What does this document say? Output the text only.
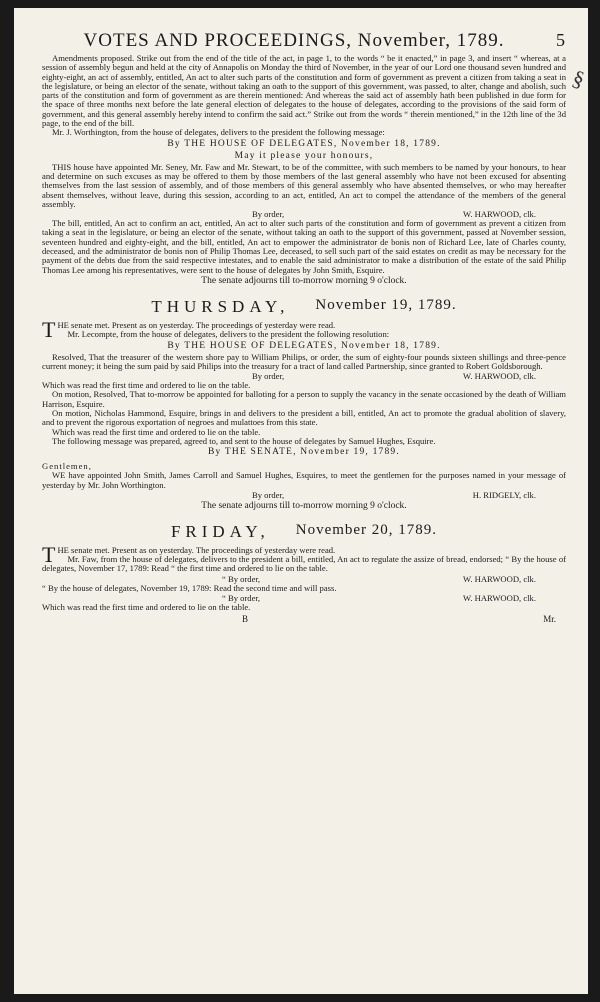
§
VOTES AND PROCEEDINGS, November, 1789.	5

Amendments proposed. Strike out from the end of the title of the act, in page 1, to the words “ be it enacted,” in page 3, and insert “ whereas, at a session of assembly begun and held at the city of Annapolis on Monday the third of November, in the year of our Lord one thousand seven hundred and eighty-eight, an act of assembly, entitled, An act to alter such parts of the constitution and form of government as prevent a citizen from taking a seat in the legislature, or being an elector of the senate, without taking an oath to the support of this government, was passed, to alter, change and abolish, such parts of the constitution and form of government as are therein mentioned: And whereas the said act of assembly hath been published in due form for the space of three months next before the late general election of delegates to the house of delegates, according to the provisions of the said form of government, and this general assembly hereby intend to confirm the said act.” Strike out from the words “ therein mentioned,” in the 12th line of the 3d page, to the end of the bill.

Mr. J. Worthington, from the house of delegates, delivers to the president the following message:

By THE HOUSE OF DELEGATES, November 18, 1789.

May it please your honours,

THIS house have appointed Mr. Seney, Mr. Faw and Mr. Stewart, to be of the committee, with such members to be named by your honours, to hear and determine on such excuses as may be offered to them by those members of the last general assembly who have not been excused for absenting themselves from the last session of assembly, and of those members of this general assembly who have absented themselves, or who may hereafter absent themselves, without leave, during this session, according to an act, entitled, An act to compel the attendance of the members of the general assembly.

By order,	W. HARWOOD, clk.

The bill, entitled, An act to confirm an act, entitled, An act to alter such parts of the constitution and form of government as prevent a citizen from taking a seat in the legislature, or being an elector of the senate, without taking an oath to the support of this government, passed at November session, seventeen hundred and eighty-eight, and the bill, entitled, An act to empower the administrator de bonis non of Richard Lee, late of Charles county, deceased, and the administrator de bonis non of Philip Thomas Lee, deceased, to sell such part of the said estates on credit as may be necessary for the payment of the debts due from the said respective intestates, and to enable the said administrator to make a distribution of the estate of the said Philip Thomas Lee among his representatives, were sent to the house of delegates by John Smith, Esquire.

The senate adjourns till to-morrow morning 9 o'clock.

THURSDAY, November 19, 1789.

THE senate met. Present as on yesterday. The proceedings of yesterday were read.

Mr. Lecompte, from the house of delegates, delivers to the president the following resolution:

By THE HOUSE OF DELEGATES, November 18, 1789.

Resolved, That the treasurer of the western shore pay to William Philips, or order, the sum of eighty-four pounds sixteen shillings and three-pence current money; it being the sum paid by said Philips into the treasury for a tract of land called Partnership, since granted to Robert Goldsborough.

By order,	W. HARWOOD, clk.

Which was read the first time and ordered to lie on the table.

On motion, Resolved, That to-morrow be appointed for balloting for a person to supply the vacancy in the senate occasioned by the death of William Harrison, Esquire.

On motion, Nicholas Hammond, Esquire, brings in and delivers to the president a bill, entitled, An act to promote the gradual abolition of slavery, and to prevent the rigorous exportation of negroes and mulattoes from this state.

Which was read the first time and ordered to lie on the table.

The following message was prepared, agreed to, and sent to the house of delegates by Samuel Hughes, Esquire.

By THE SENATE, November 19, 1789.

Gentlemen,

WE have appointed John Smith, James Carroll and Samuel Hughes, Esquires, to meet the gentlemen for the purposes named in your message of yesterday by Mr. John Worthington.

By order,	H. RIDGELY, clk.

The senate adjourns till to-morrow morning 9 o'clock.

FRIDAY, November 20, 1789.

THE senate met. Present as on yesterday. The proceedings of yesterday were read.

Mr. Faw, from the house of delegates, delivers to the president a bill, entitled, An act to regulate the assize of bread, endorsed; “ By the house of delegates, November 17, 1789: Read “ the first time and ordered to lie on the table.

“ By order,	W. HARWOOD, clk.

“ By the house of delegates, November 19, 1789: Read the second time and will pass.

“ By order,	W. HARWOOD, clk.

Which was read the first time and ordered to lie on the table.

B	Mr.
